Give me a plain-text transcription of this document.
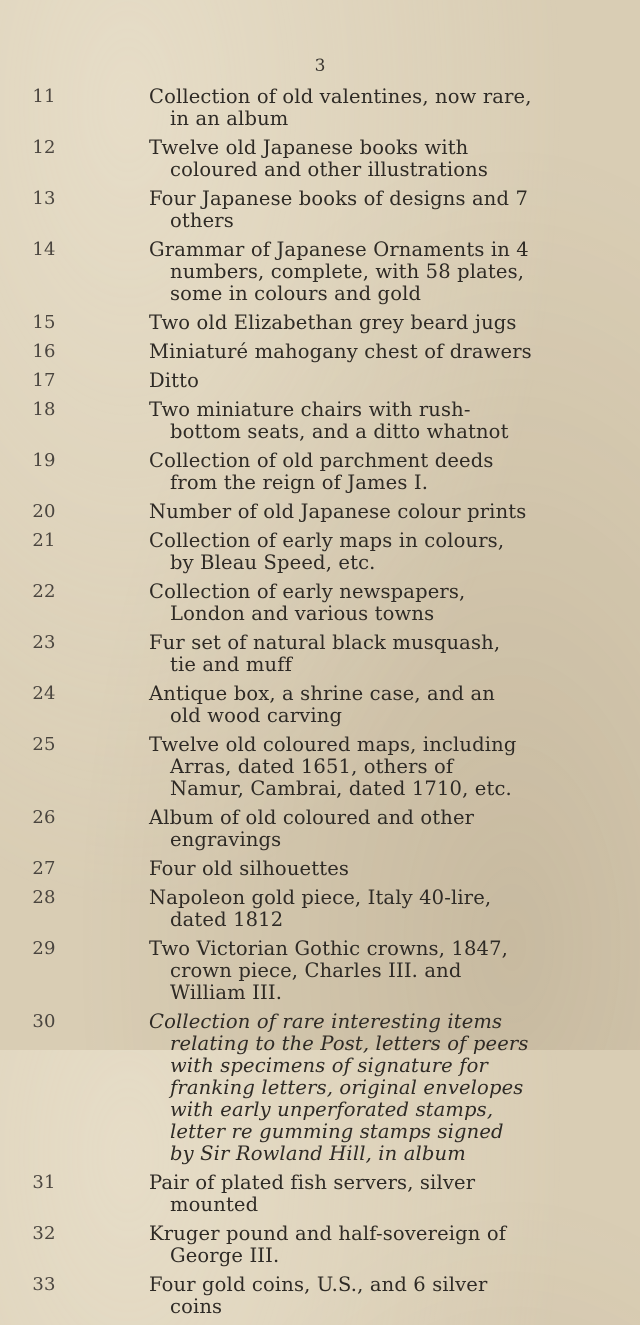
3
11	Collection of old valentines, now rare, in an album
12	Twelve old Japanese books with coloured and other illustrations
13	Four Japanese books of designs and 7 others
14	Grammar of Japanese Ornaments in 4 numbers, complete, with 58 plates, some in colours and gold
15	Two old Elizabethan grey beard jugs
16	Miniaturé mahogany chest of drawers
17	Ditto
18	Two miniature chairs with rush-bottom seats, and a ditto whatnot
19	Collection of old parchment deeds from the reign of James I.
20	Number of old Japanese colour prints
21	Collection of early maps in colours, by Bleau Speed, etc.
22	Collection of early newspapers, London and various towns
23	Fur set of natural black musquash, tie and muff
24	Antique box, a shrine case, and an old wood carving
25	Twelve old coloured maps, including Arras, dated 1651, others of Namur, Cambrai, dated 1710, etc.
26	Album of old coloured and other engravings
27	Four old silhouettes
28	Napoleon gold piece, Italy 40-lire, dated 1812
29	Two Victorian Gothic crowns, 1847, crown piece, Charles III. and William III.
30	Collection of rare interesting items relating to the Post, letters of peers with specimens of signature for franking letters, original envelopes with early unperforated stamps, letter re gumming stamps signed by Sir Rowland Hill, in album
31	Pair of plated fish servers, silver mounted
32	Kruger pound and half-sovereign of George III.
33	Four gold coins, U.S., and 6 silver coins
